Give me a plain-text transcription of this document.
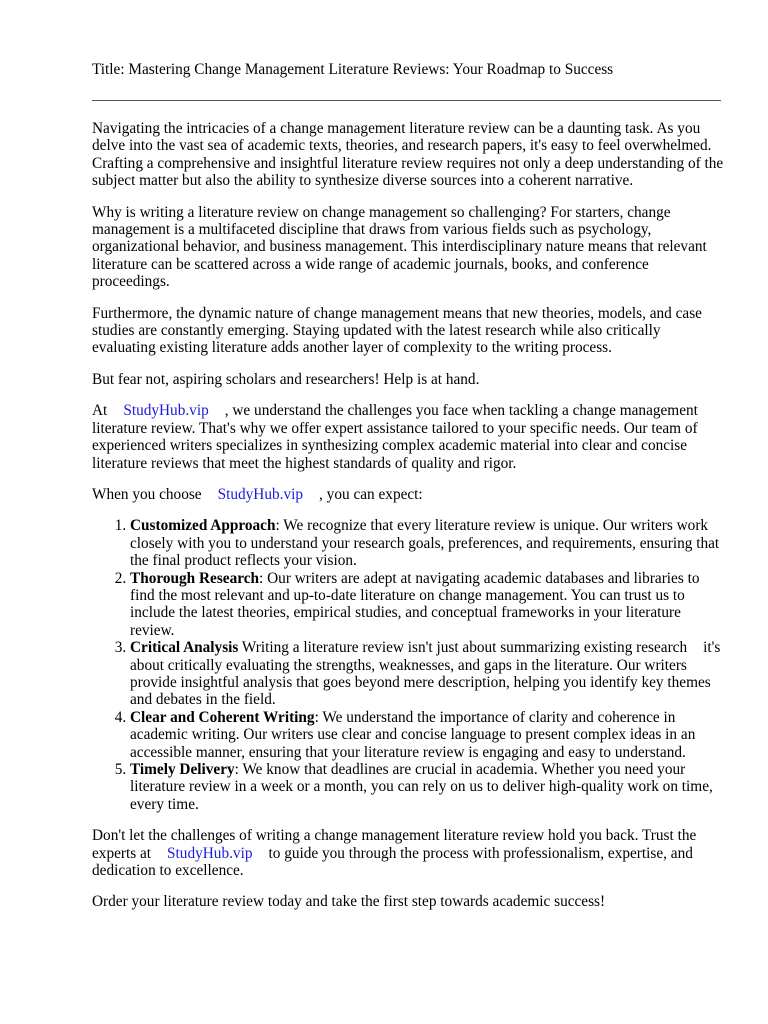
Title: Mastering Change Management Literature Reviews: Your Roadmap to Success

Navigating the intricacies of a change management literature review can be a daunting task. As you delve into the vast sea of academic texts, theories, and research papers, it's easy to feel overwhelmed. Crafting a comprehensive and insightful literature review requires not only a deep understanding of the subject matter but also the ability to synthesize diverse sources into a coherent narrative.

Why is writing a literature review on change management so challenging? For starters, change management is a multifaceted discipline that draws from various fields such as psychology, organizational behavior, and business management. This interdisciplinary nature means that relevant literature can be scattered across a wide range of academic journals, books, and conference proceedings.

Furthermore, the dynamic nature of change management means that new theories, models, and case studies are constantly emerging. Staying updated with the latest research while also critically evaluating existing literature adds another layer of complexity to the writing process.

But fear not, aspiring scholars and researchers! Help is at hand.

At StudyHub.vip , we understand the challenges you face when tackling a change management literature review. That's why we offer expert assistance tailored to your specific needs. Our team of experienced writers specializes in synthesizing complex academic material into clear and concise literature reviews that meet the highest standards of quality and rigor.

When you choose StudyHub.vip , you can expect:

1. Customized Approach: We recognize that every literature review is unique. Our writers work closely with you to understand your research goals, preferences, and requirements, ensuring that the final product reflects your vision.
2. Thorough Research: Our writers are adept at navigating academic databases and libraries to find the most relevant and up-to-date literature on change management. You can trust us to include the latest theories, empirical studies, and conceptual frameworks in your literature review.
3. Critical Analysis Writing a literature review isn't just about summarizing existing research it's about critically evaluating the strengths, weaknesses, and gaps in the literature. Our writers provide insightful analysis that goes beyond mere description, helping you identify key themes and debates in the field.
4. Clear and Coherent Writing: We understand the importance of clarity and coherence in academic writing. Our writers use clear and concise language to present complex ideas in an accessible manner, ensuring that your literature review is engaging and easy to understand.
5. Timely Delivery: We know that deadlines are crucial in academia. Whether you need your literature review in a week or a month, you can rely on us to deliver high-quality work on time, every time.

Don't let the challenges of writing a change management literature review hold you back. Trust the experts at StudyHub.vip to guide you through the process with professionalism, expertise, and dedication to excellence.

Order your literature review today and take the first step towards academic success!
